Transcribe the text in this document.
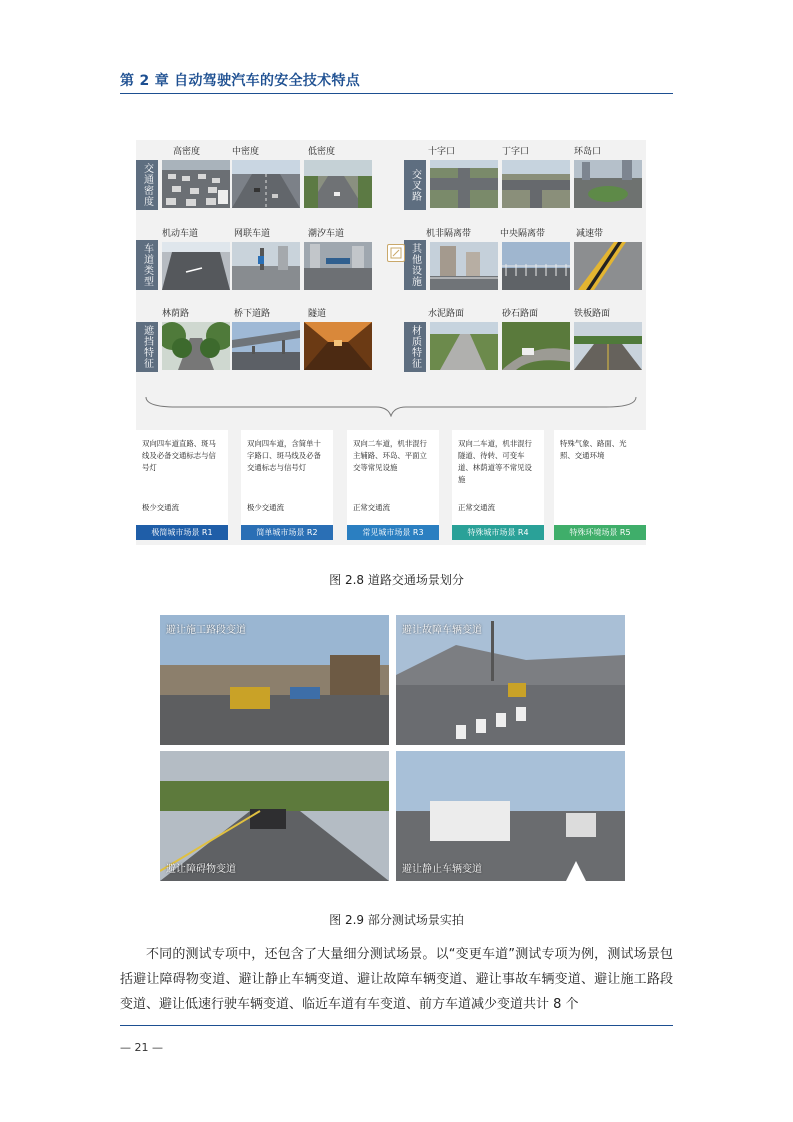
第 2 章 自动驾驶汽车的安全技术特点
交通密度
高密度	中密度	低密度
车道类型
机动车道	网联车道	潮汐车道
遮挡特征
林荫路	桥下道路	隧道
交叉路
十字口	丁字口	环岛口
其他设施
机非隔离带	中央隔离带	减速带
材质特征
水泥路面	砂石路面	铁板路面
双向四车道直路、斑马线及必备交通标志与信号灯
极少交通流
极简城市场景 R1
双向四车道，含简单十字路口、斑马线及必备交通标志与信号灯
极少交通流
简单城市场景 R2
双向二车道，机非混行主辅路、环岛、平面立交等常见设施
正常交通流
常见城市场景 R3
双向二车道，机非混行隧道、待转、可变车道、林荫道等不常见设施
正常交通流
特殊城市场景 R4
特殊气象、路面、光照、交通环境
特殊环境场景 R5
图 2.8 道路交通场景划分
避让施工路段变道	避让故障车辆变道
避让障碍物变道	避让静止车辆变道
图 2.9 部分测试场景实拍

不同的测试专项中，还包含了大量细分测试场景。以“变更车道”测试专项为例，测试场景包括避让障碍物变道、避让静止车辆变道、避让故障车辆变道、避让事故车辆变道、避让施工路段变道、避让低速行驶车辆变道、临近车道有车变道、前方车道减少变道共计 8 个

— 21 —
